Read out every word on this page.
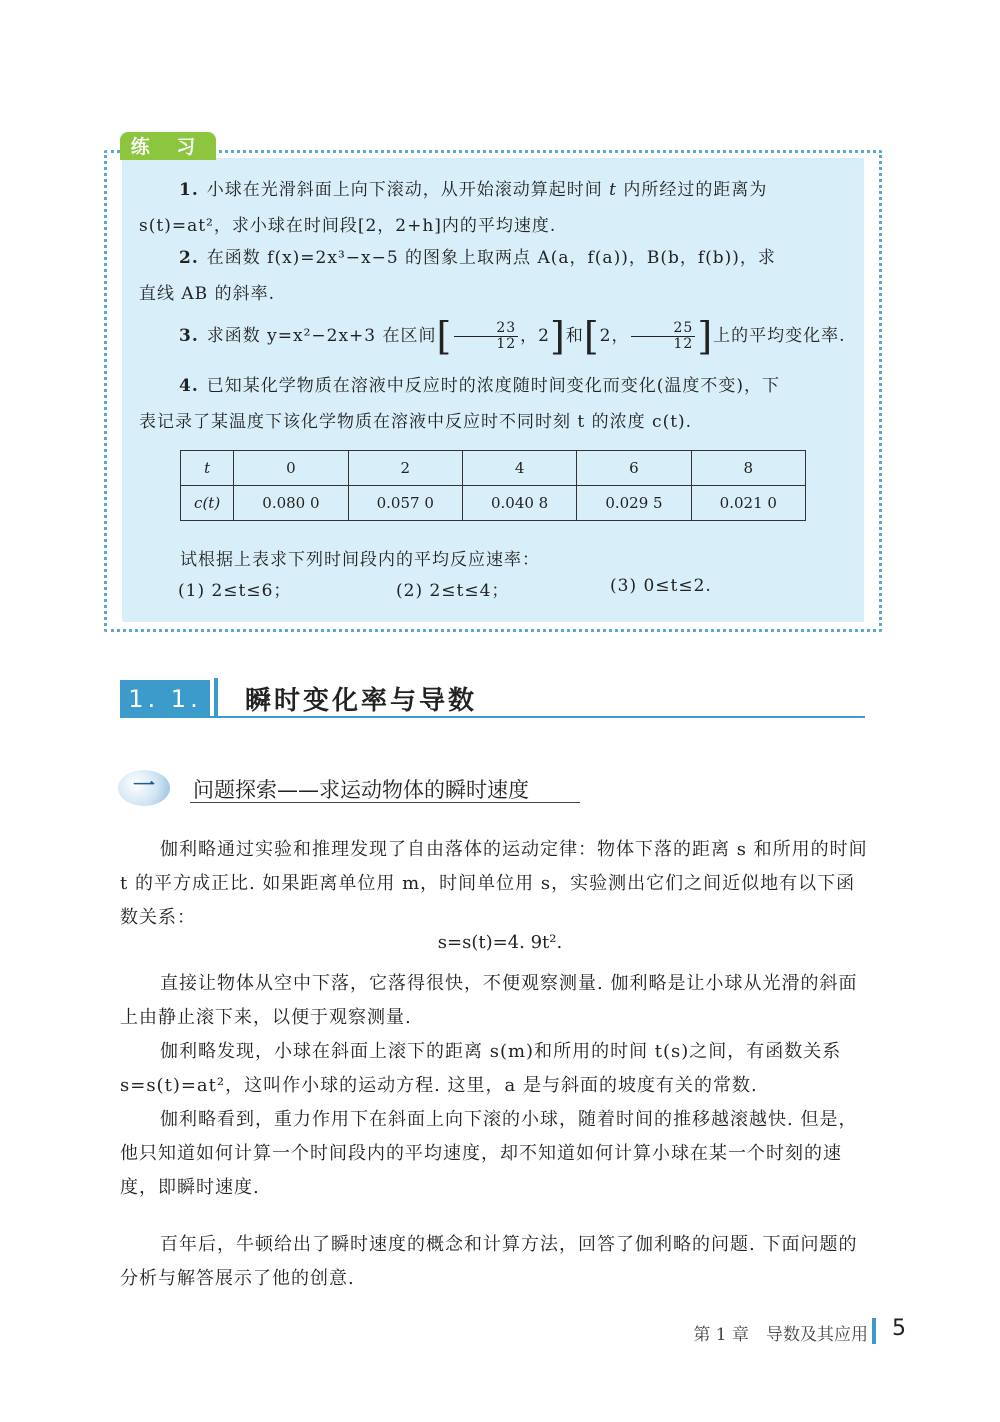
练 习

1. 小球在光滑斜面上向下滚动，从开始滚动算起时间 t 内所经过的距离为
s(t)=at²，求小球在时间段[2，2+h]内的平均速度.

2. 在函数 f(x)=2x³−x−5 的图象上取两点 A(a，f(a))，B(b，f(b))，求
直线 AB 的斜率.

3. 求函数 y=x²−2x+3 在区间[ $\frac{23}{12}$ ，2]和[2， $\frac{25}{12}$ ]上的平均变化率.

4. 已知某化学物质在溶液中反应时的浓度随时间变化而变化(温度不变)，下
表记录了某温度下该化学物质在溶液中反应时不同时刻 t 的浓度 c(t).

t	0	2	4	6	8
c(t)	0.080 0	0.057 0	0.040 8	0.029 5	0.021 0

试根据上表求下列时间段内的平均反应速率：

(1) 2≤t≤6；	(2) 2≤t≤4；	(3) 0≤t≤2.
1. 1. 2
瞬时变化率与导数
一	问题探索——求运动物体的瞬时速度

伽利略通过实验和推理发现了自由落体的运动定律：物体下落的距离 s 和所用的时间 t 的平方成正比. 如果距离单位用 m，时间单位用 s，实验测出它们之间近似地有以下函数关系：

s=s(t)=4. 9t².

直接让物体从空中下落，它落得很快，不便观察测量. 伽利略是让小球从光滑的斜面上由静止滚下来，以便于观察测量.

伽利略发现，小球在斜面上滚下的距离 s(m)和所用的时间 t(s)之间，有函数关系 s=s(t)=at²，这叫作小球的运动方程. 这里，a 是与斜面的坡度有关的常数.

伽利略看到，重力作用下在斜面上向下滚的小球，随着时间的推移越滚越快. 但是，他只知道如何计算一个时间段内的平均速度，却不知道如何计算小球在某一个时刻的速度，即瞬时速度.

百年后，牛顿给出了瞬时速度的概念和计算方法，回答了伽利略的问题. 下面问题的分析与解答展示了他的创意.

第 1 章　导数及其应用 5
